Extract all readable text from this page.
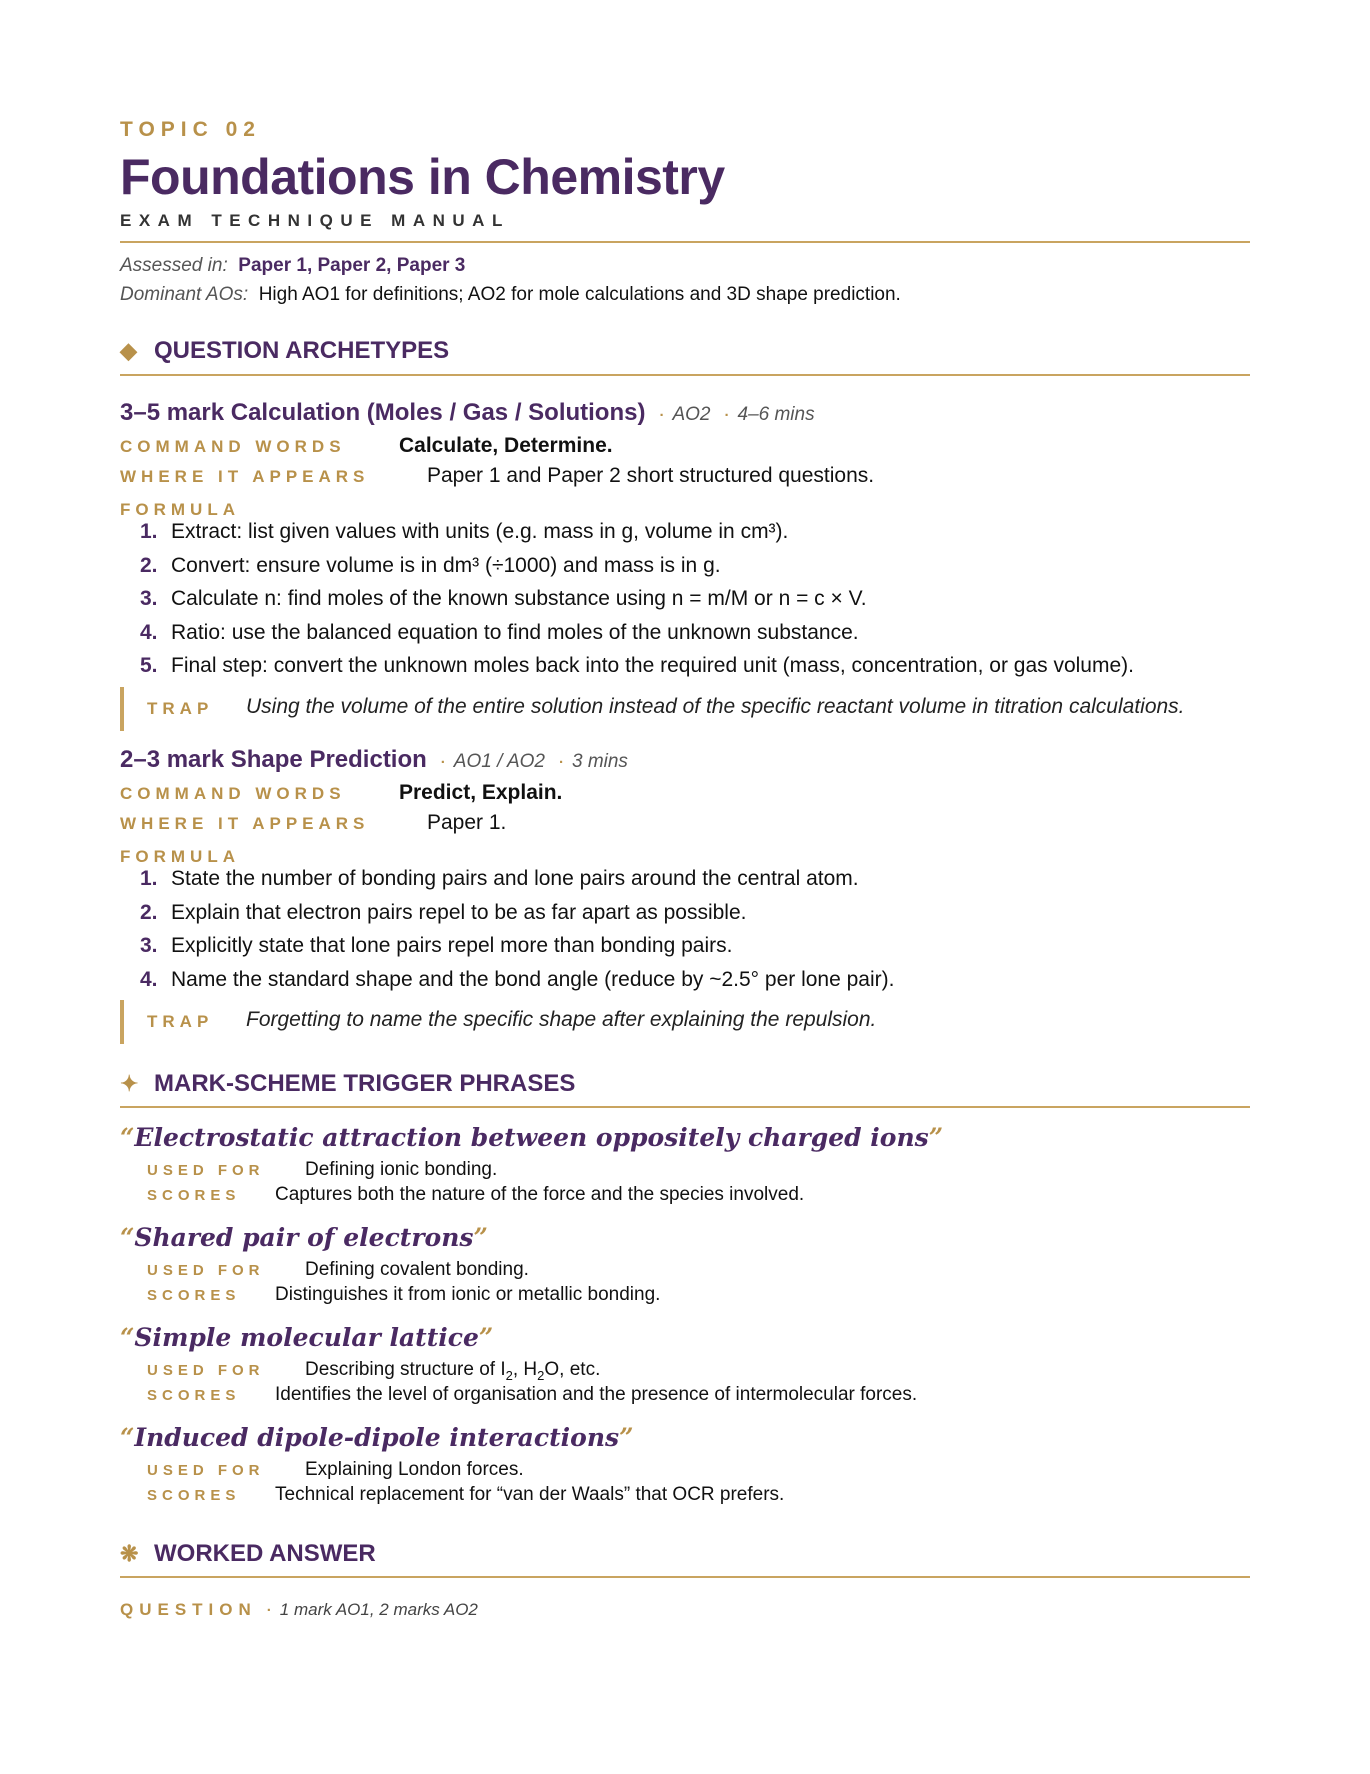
TOPIC 02
Foundations in Chemistry
EXAM TECHNIQUE MANUAL
Assessed in: Paper 1, Paper 2, Paper 3
Dominant AOs: High AO1 for definitions; AO2 for mole calculations and 3D shape prediction.
◆ QUESTION ARCHETYPES
3–5 mark Calculation (Moles / Gas / Solutions) · AO2 · 4–6 mins
COMMAND WORDS	Calculate, Determine.
WHERE IT APPEARS	Paper 1 and Paper 2 short structured questions.
FORMULA
1. Extract: list given values with units (e.g. mass in g, volume in cm³).
2. Convert: ensure volume is in dm³ (÷1000) and mass is in g.
3. Calculate n: find moles of the known substance using n = m/M or n = c × V.
4. Ratio: use the balanced equation to find moles of the unknown substance.
5. Final step: convert the unknown moles back into the required unit (mass, concentration, or gas volume).
TRAP Using the volume of the entire solution instead of the specific reactant volume in titration calculations.
2–3 mark Shape Prediction · AO1 / AO2 · 3 mins
COMMAND WORDS	Predict, Explain.
WHERE IT APPEARS	Paper 1.
FORMULA
1. State the number of bonding pairs and lone pairs around the central atom.
2. Explain that electron pairs repel to be as far apart as possible.
3. Explicitly state that lone pairs repel more than bonding pairs.
4. Name the standard shape and the bond angle (reduce by ~2.5° per lone pair).
TRAP Forgetting to name the specific shape after explaining the repulsion.
✦ MARK-SCHEME TRIGGER PHRASES
“Electrostatic attraction between oppositely charged ions”
USED FOR Defining ionic bonding.
SCORES Captures both the nature of the force and the species involved.
“Shared pair of electrons”
USED FOR Defining covalent bonding.
SCORES Distinguishes it from ionic or metallic bonding.
“Simple molecular lattice”
USED FOR Describing structure of $I_2$, $H_2O$, etc.
SCORES Identifies the level of organisation and the presence of intermolecular forces.
“Induced dipole-dipole interactions”
USED FOR Explaining London forces.
SCORES Technical replacement for “van der Waals” that OCR prefers.
❋ WORKED ANSWER
QUESTION · 1 mark AO1, 2 marks AO2
